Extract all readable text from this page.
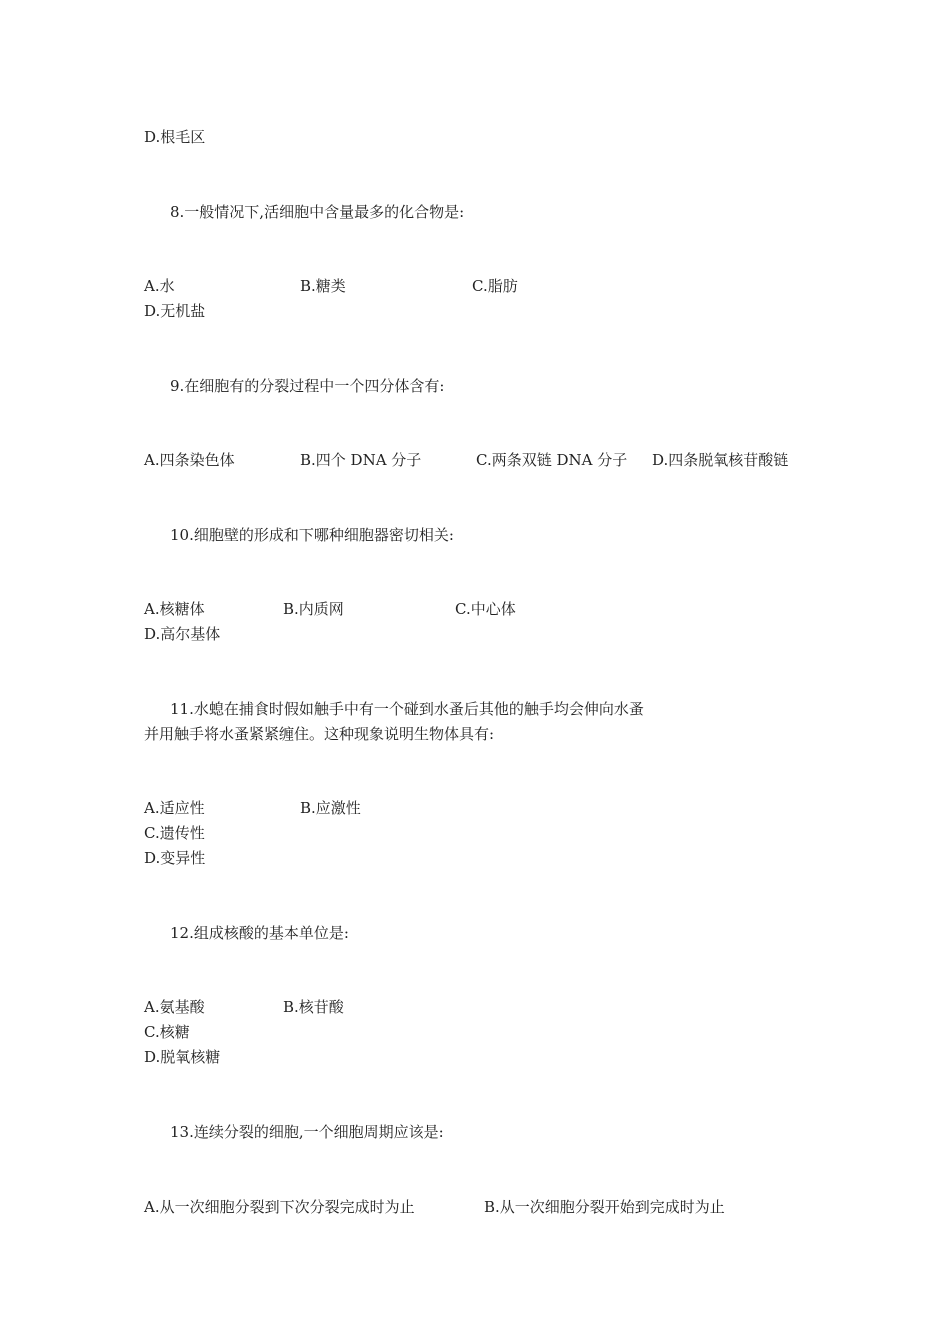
D.根毛区
8.一般情况下,活细胞中含量最多的化合物是:
A.水	B.糖类	C.脂肪
D.无机盐
9.在细胞有的分裂过程中一个四分体含有:
A.四条染色体	B.四个 DNA 分子	C.两条双链 DNA 分子 D.四条脱氧核苷酸链
10.细胞壁的形成和下哪种细胞器密切相关:
A.核糖体	B.内质网	C.中心体
D.高尔基体
11.水螅在捕食时假如触手中有一个碰到水蚤后其他的触手均会伸向水蚤
并用触手将水蚤紧紧缠住。这种现象说明生物体具有:
A.适应性	B.应激性
C.遗传性
D.变异性
12.组成核酸的基本单位是:
A.氨基酸	B.核苷酸
C.核糖
D.脱氧核糖
13.连续分裂的细胞,一个细胞周期应该是:
A.从一次细胞分裂到下次分裂完成时为止	B.从一次细胞分裂开始到完成时为止
